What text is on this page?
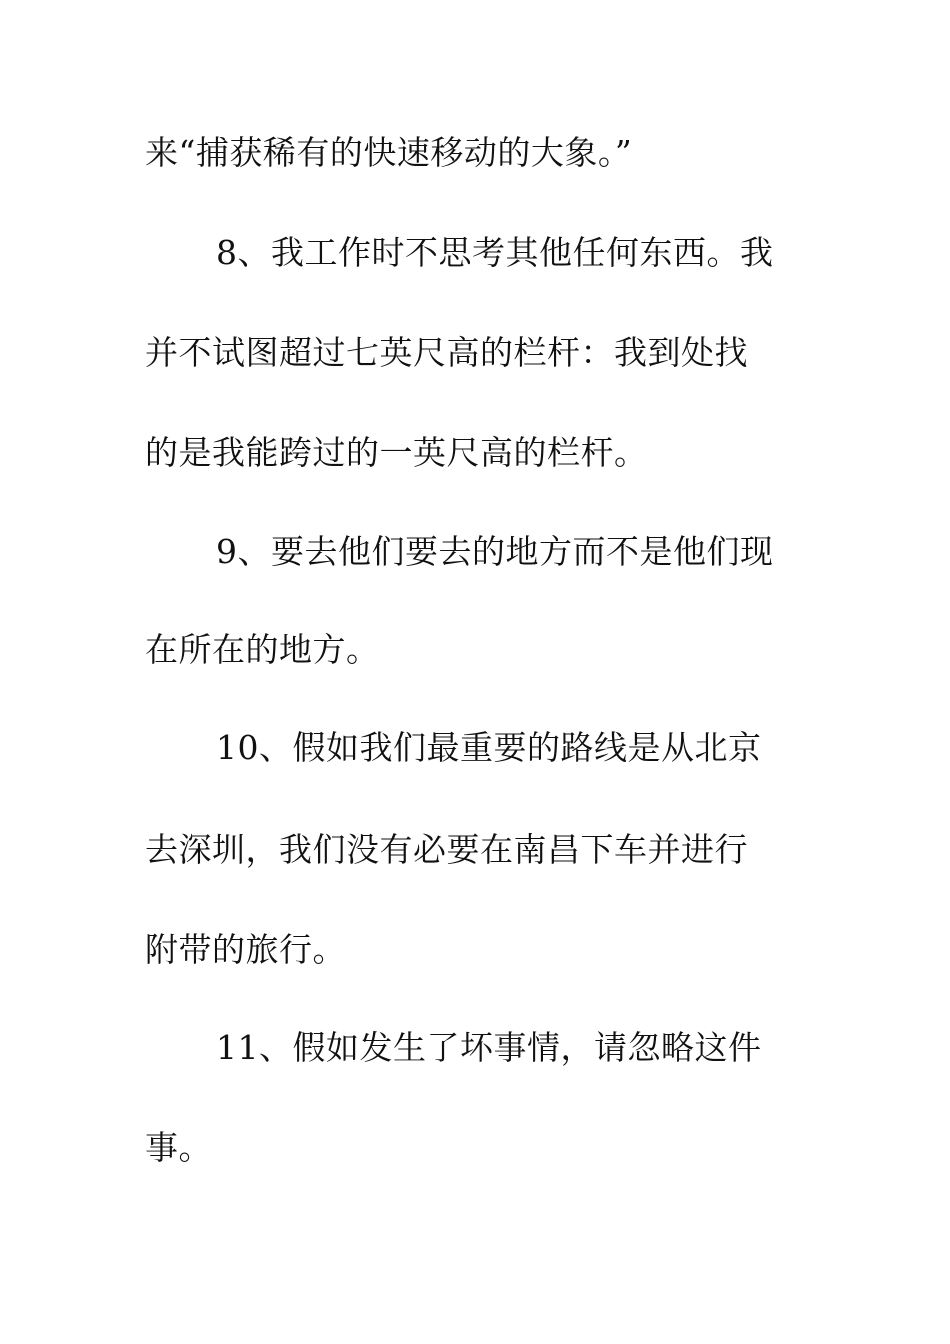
来“捕获稀有的快速移动的大象。”
8、我工作时不思考其他任何东西。我
并不试图超过七英尺高的栏杆：我到处找
的是我能跨过的一英尺高的栏杆。
9、要去他们要去的地方而不是他们现
在所在的地方。
10、假如我们最重要的路线是从北京
去深圳，我们没有必要在南昌下车并进行
附带的旅行。
11、假如发生了坏事情，请忽略这件
事。
